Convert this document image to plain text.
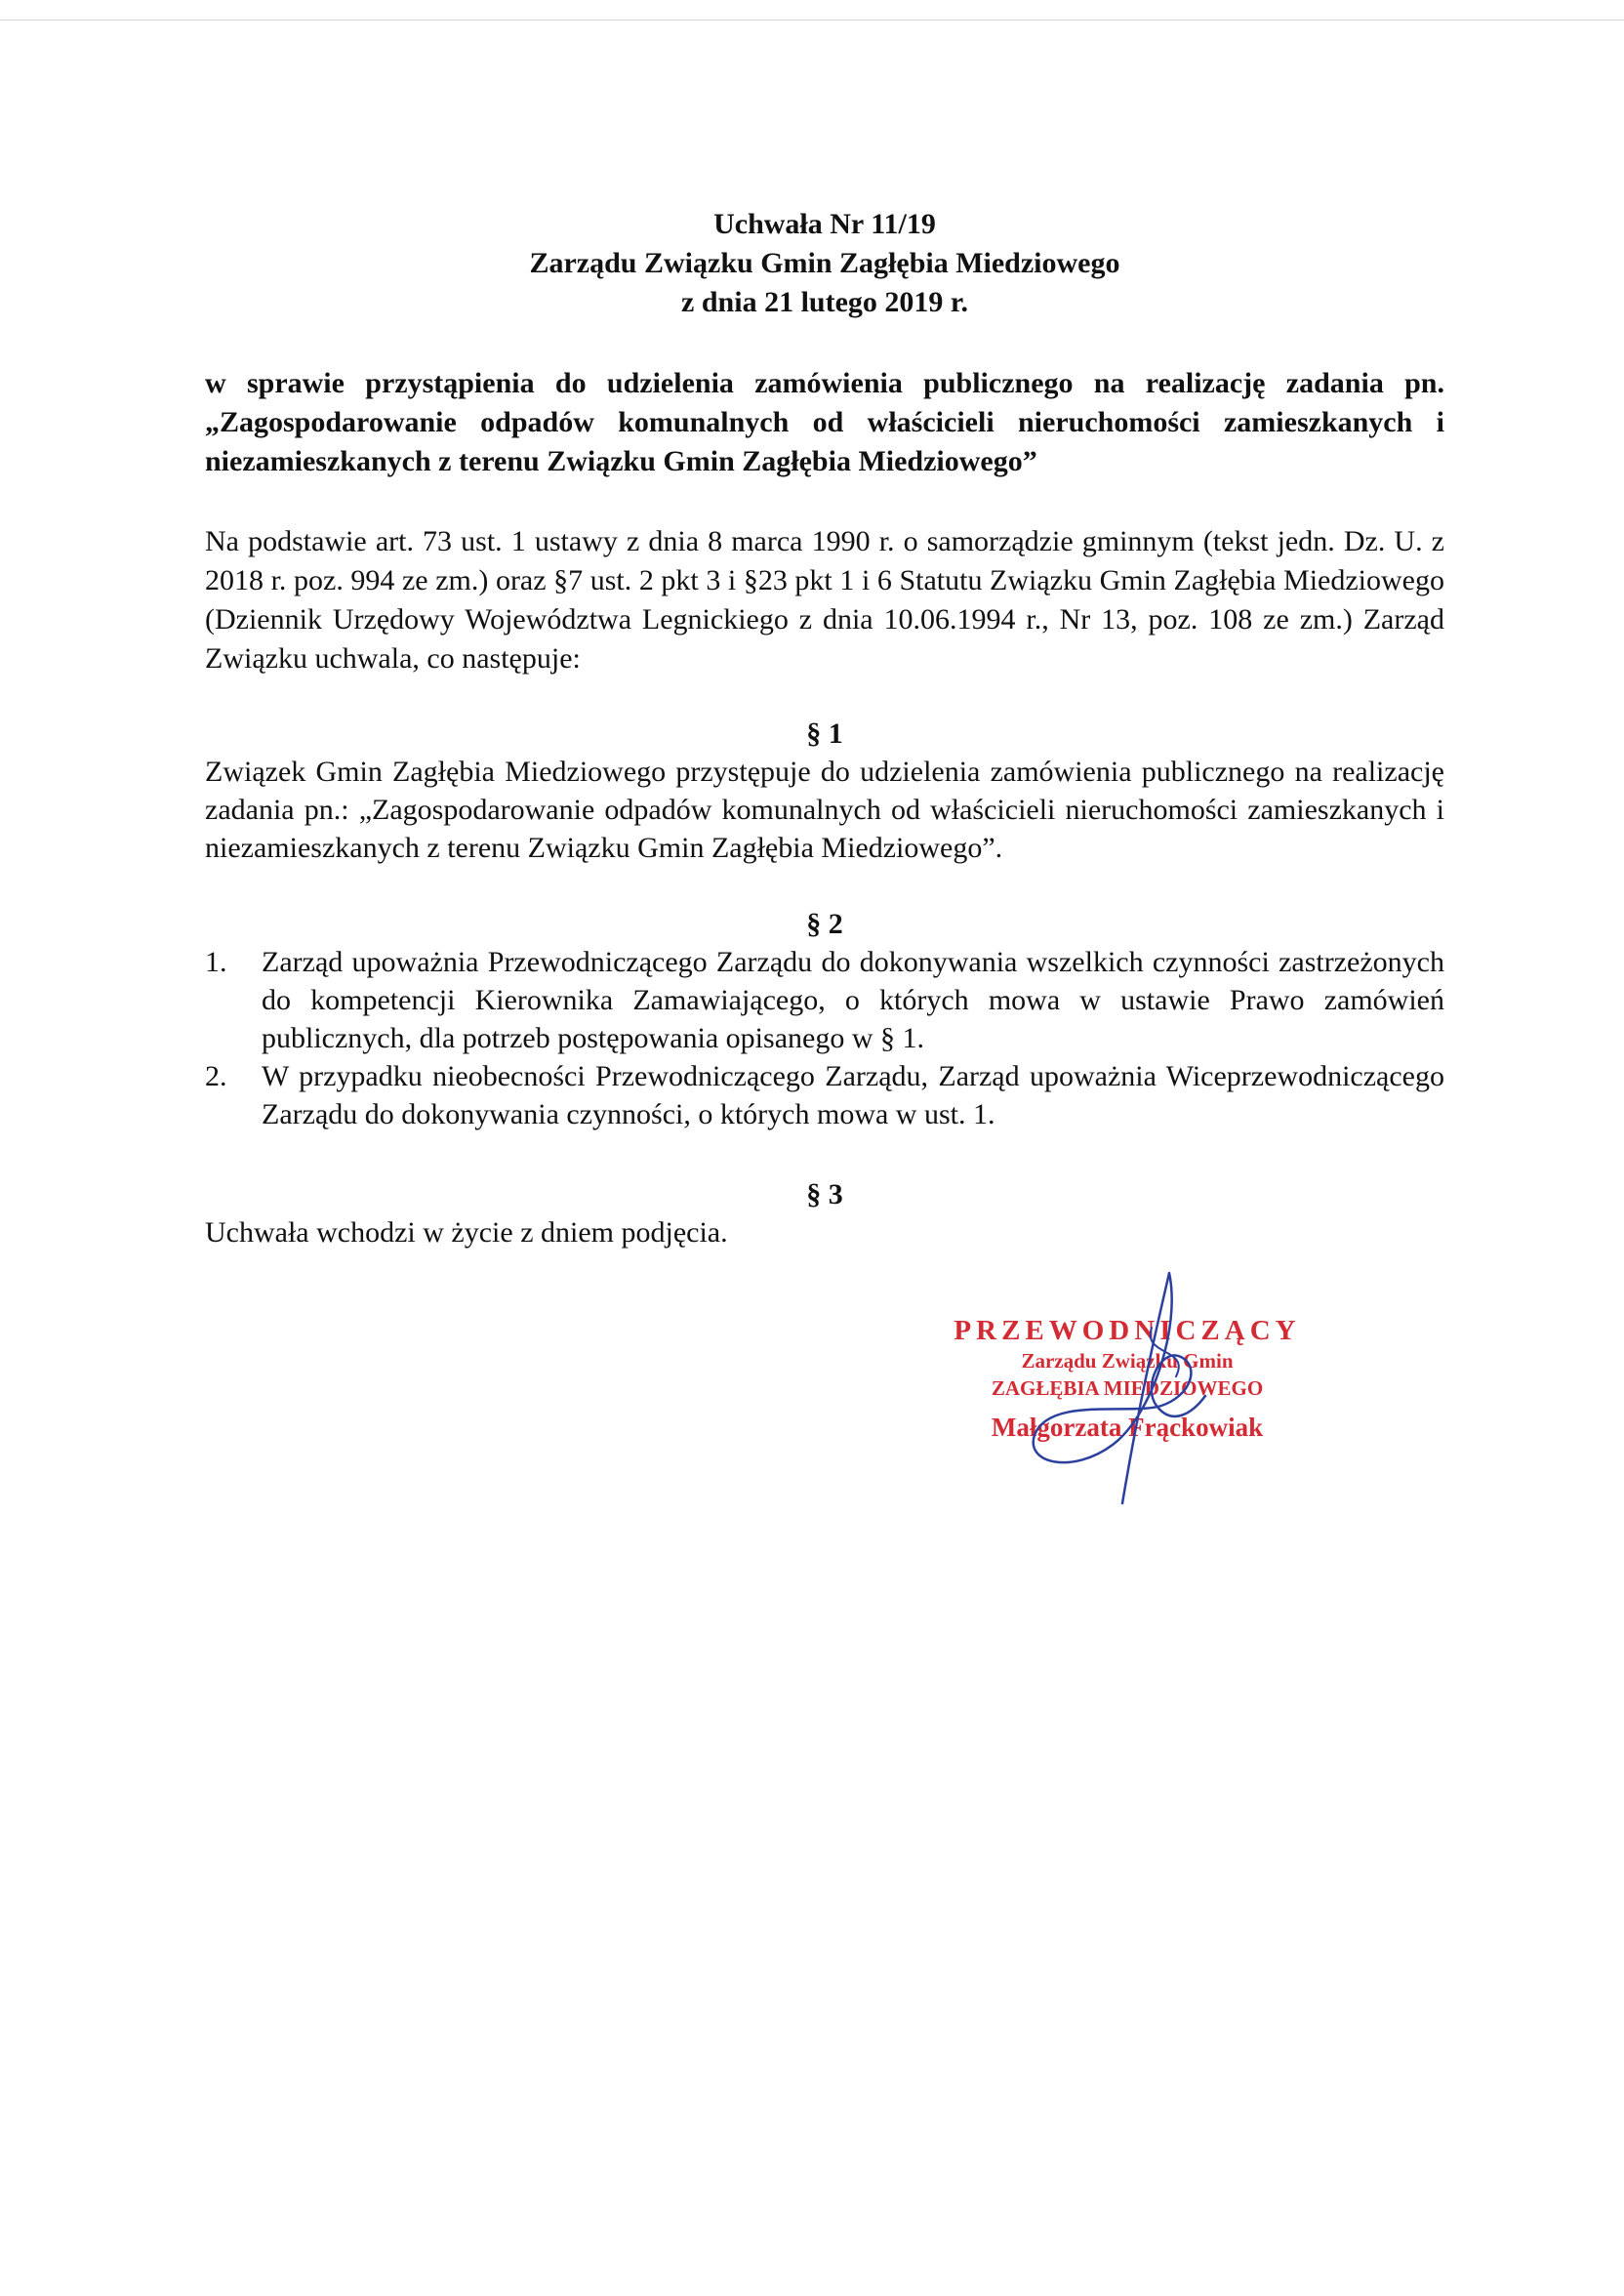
Uchwała Nr 11/19
Zarządu Związku Gmin Zagłębia Miedziowego
z dnia 21 lutego 2019 r.

w sprawie przystąpienia do udzielenia zamówienia publicznego na realizację zadania pn. „Zagospodarowanie odpadów komunalnych od właścicieli nieruchomości zamieszkanych i niezamieszkanych z terenu Związku Gmin Zagłębia Miedziowego”

Na podstawie art. 73 ust. 1 ustawy z dnia 8 marca 1990 r. o samorządzie gminnym (tekst jedn. Dz. U. z 2018 r. poz. 994 ze zm.) oraz §7 ust. 2 pkt 3 i §23 pkt 1 i 6 Statutu Związku Gmin Zagłębia Miedziowego (Dziennik Urzędowy Województwa Legnickiego z dnia 10.06.1994 r., Nr 13, poz. 108 ze zm.) Zarząd Związku uchwala, co następuje:

§ 1

Związek Gmin Zagłębia Miedziowego przystępuje do udzielenia zamówienia publicznego na realizację zadania pn.: „Zagospodarowanie odpadów komunalnych od właścicieli nieruchomości zamieszkanych i niezamieszkanych z terenu Związku Gmin Zagłębia Miedziowego”.

§ 2
1.	Zarząd upoważnia Przewodniczącego Zarządu do dokonywania wszelkich czynności zastrzeżonych do kompetencji Kierownika Zamawiającego, o których mowa w ustawie Prawo zamówień publicznych, dla potrzeb postępowania opisanego w § 1.
2.	W przypadku nieobecności Przewodniczącego Zarządu, Zarząd upoważnia Wiceprzewodniczącego Zarządu do dokonywania czynności, o których mowa w ust. 1.
§ 3

Uchwała wchodzi w życie z dniem podjęcia.

PRZEWODNICZĄCY
Zarządu Związku Gmin
ZAGŁĘBIA MIEDZIOWEGO
Małgorzata Frąckowiak
